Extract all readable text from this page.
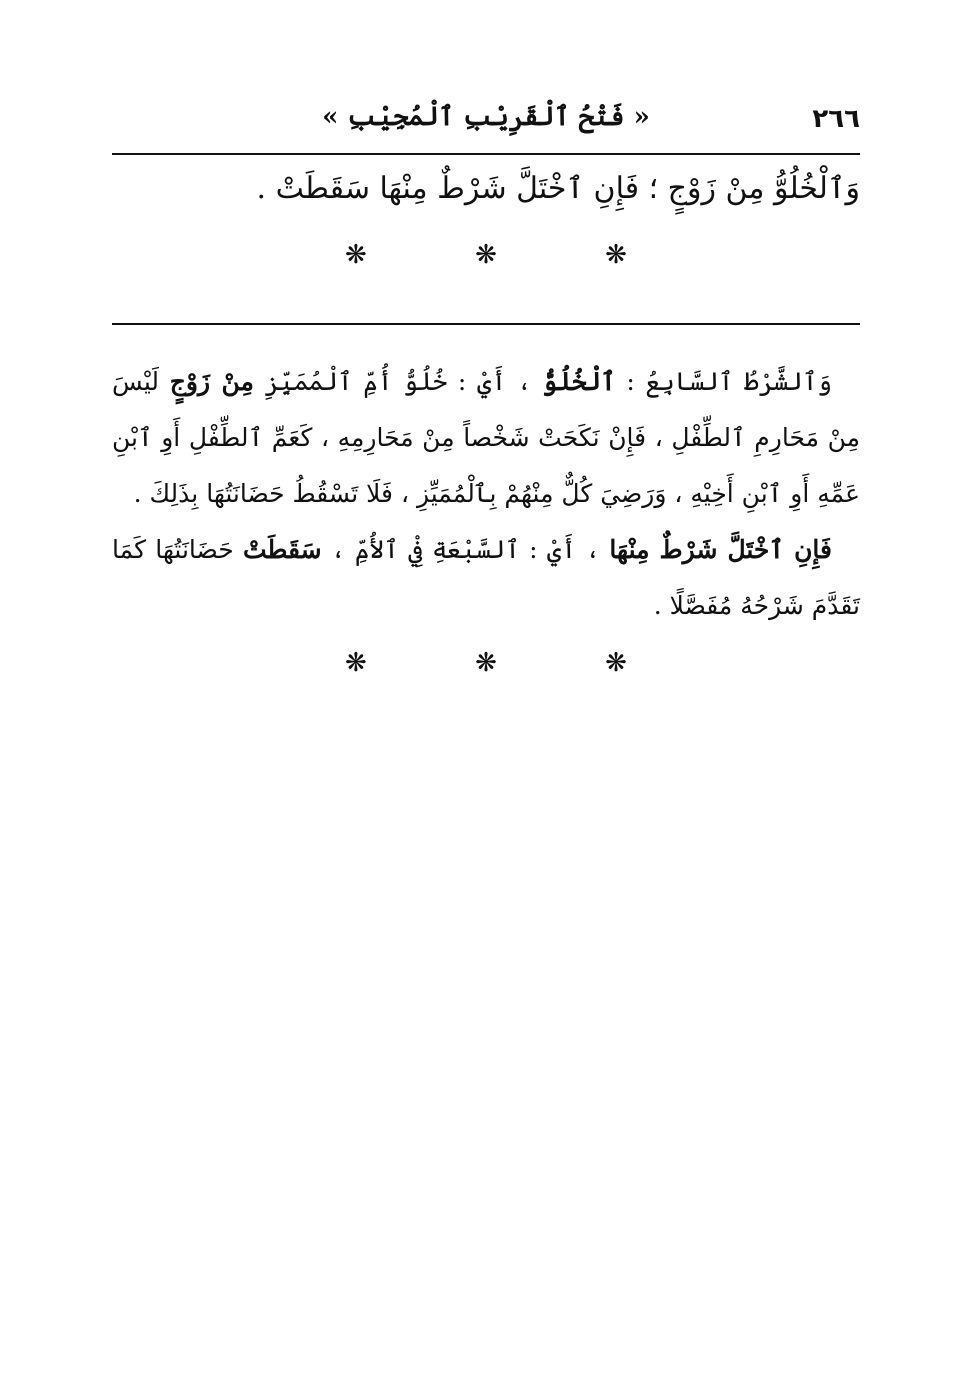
٢٦٦
« فَتْحُ ٱلْقَرِيْبِ ٱلْمُجِيْبِ »
وَٱلْخُلُوُّ مِنْ زَوْجٍ ؛ فَإِنِ ٱخْتَلَّ شَرْطٌ مِنْهَا سَقَطَتْ .
❋	❋	❋

وَٱلشَّرْطُ ٱلسَّابِعُ : ٱلْخُلُوُّ ، أَيْ : خُلُوُّ أُمِّ ٱلْمُمَيِّزِ مِنْ زَوْجٍ لَيْسَ مِنْ مَحَارِمِ ٱلطِّفْلِ ، فَإِنْ نَكَحَتْ شَخْصاً مِنْ مَحَارِمِهِ ، كَعَمِّ ٱلطِّفْلِ أَوِ ٱبْنِ عَمِّهِ أَوِ ٱبْنِ أَخِيْهِ ، وَرَضِيَ كُلٌّ مِنْهُمْ بِٱلْمُمَيِّزِ ، فَلَا تَسْقُطُ حَضَانَتُهَا بِذَلِكَ .

فَإِنِ ٱخْتَلَّ شَرْطٌ مِنْهَا ، أَيْ : ٱلسَّبْعَةِ فِيْ ٱلأُمِّ ، سَقَطَتْ حَضَانَتُهَا كَمَا تَقَدَّمَ شَرْحُهُ مُفَصَّلًا .

❋	❋	❋
